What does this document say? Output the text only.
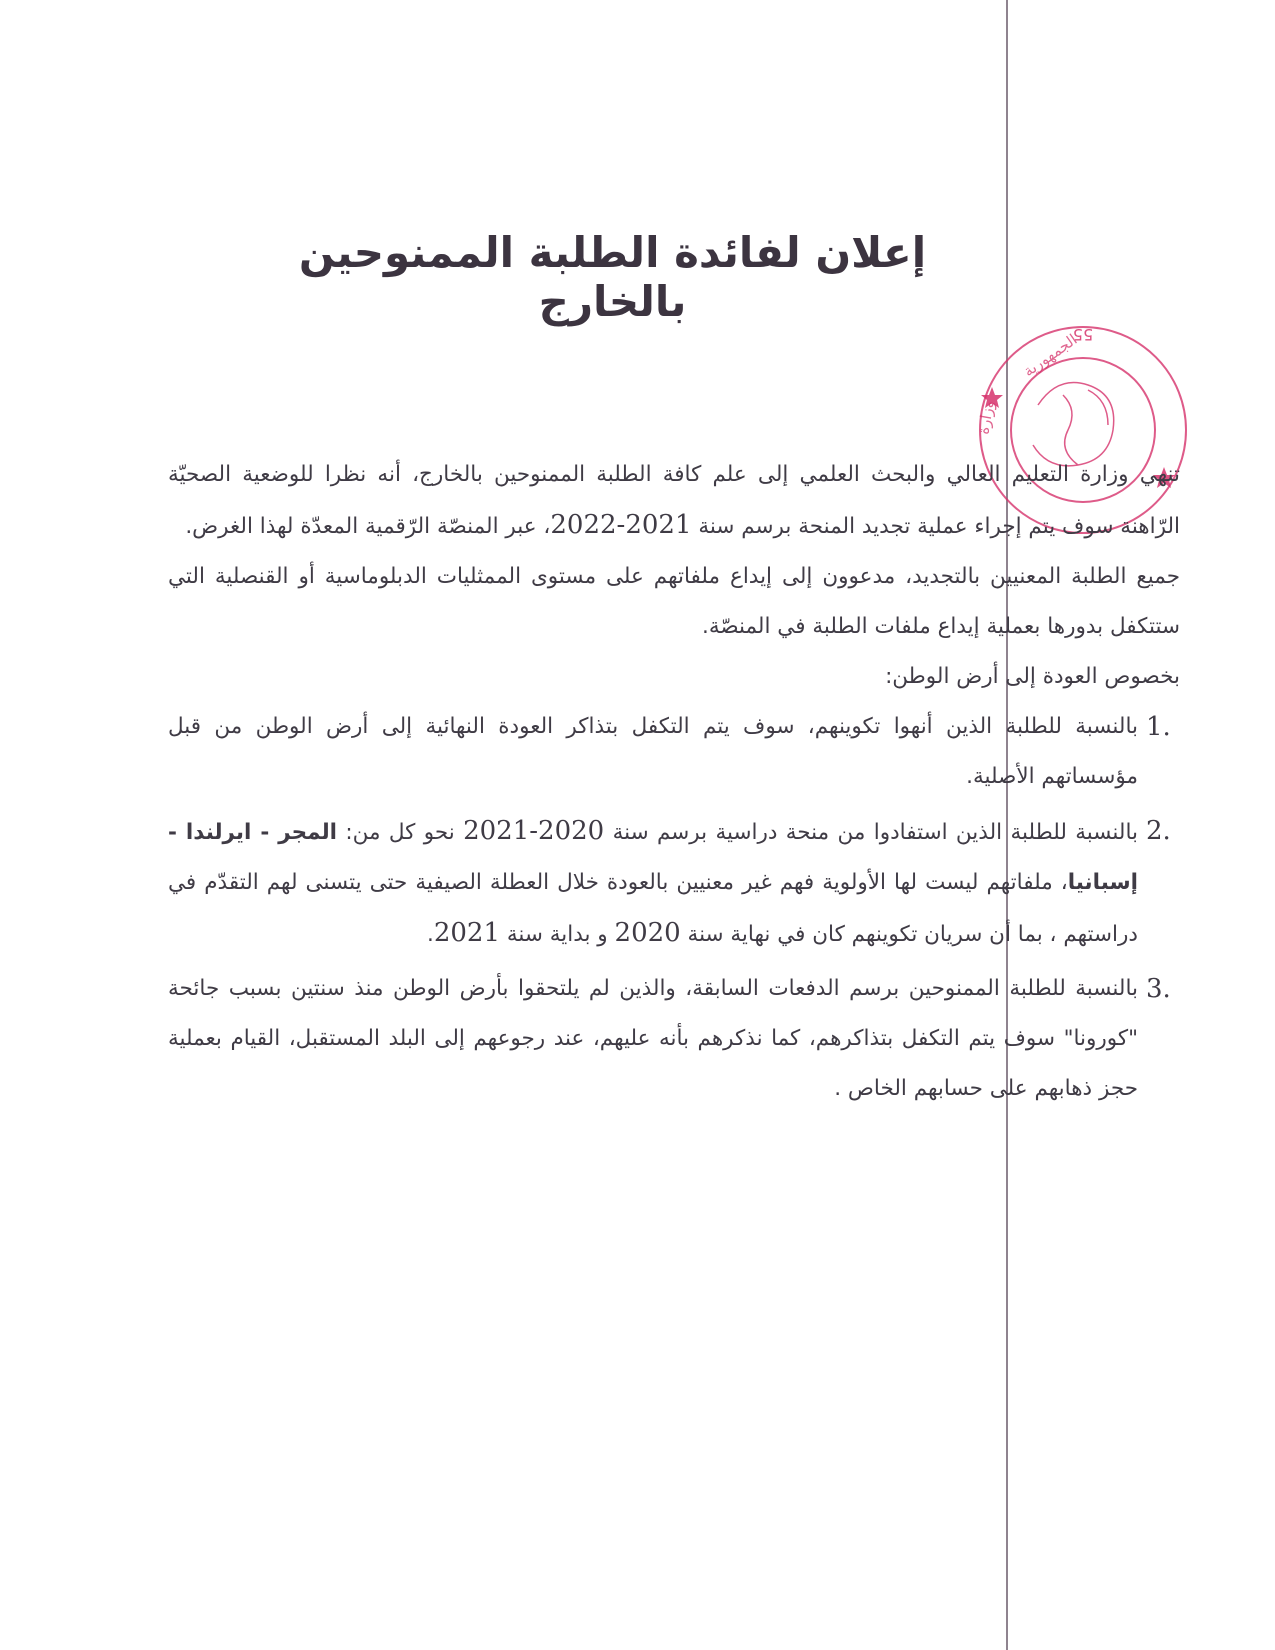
إعلان لفائدة الطلبة الممنوحين بالخارج
55
الجمهورية
وزارة

تنهي وزارة التعليم العالي والبحث العلمي إلى علم كافة الطلبة الممنوحين بالخارج، أنه نظرا للوضعية الصحيّة الرّاهنة سوف يتم إجراء عملية تجديد المنحة برسم سنة 2021-2022، عبر المنصّة الرّقمية المعدّة لهذا الغرض.

جميع الطلبة المعنيين بالتجديد، مدعوون إلى إيداع ملفاتهم على مستوى الممثليات الدبلوماسية أو القنصلية التي ستتكفل بدورها بعملية إيداع ملفات الطلبة في المنصّة.

بخصوص العودة إلى أرض الوطن:

1.
بالنسبة للطلبة الذين أنهوا تكوينهم، سوف يتم التكفل بتذاكر العودة النهائية إلى أرض الوطن من قبل مؤسساتهم الأصلية.
2.
بالنسبة للطلبة الذين استفادوا من منحة دراسية برسم سنة 2020-2021 نحو كل من: المجر - ايرلندا - إسبانيا، ملفاتهم ليست لها الأولوية فهم غير معنيين بالعودة خلال العطلة الصيفية حتى يتسنى لهم التقدّم في دراستهم ، بما أن سريان تكوينهم كان في نهاية سنة 2020 و بداية سنة 2021.
3.
بالنسبة للطلبة الممنوحين برسم الدفعات السابقة، والذين لم يلتحقوا بأرض الوطن منذ سنتين بسبب جائحة "كورونا" سوف يتم التكفل بتذاكرهم، كما نذكرهم بأنه عليهم، عند رجوعهم إلى البلد المستقبل، القيام بعملية حجز ذهابهم على حسابهم الخاص .
